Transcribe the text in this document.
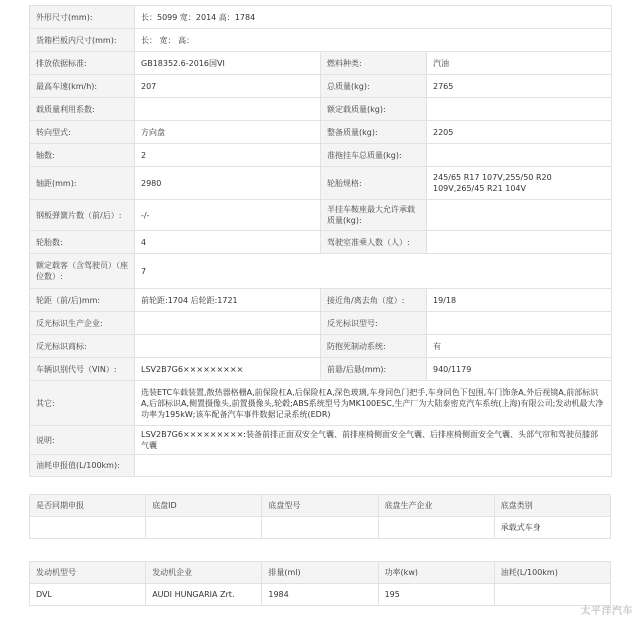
外形尺寸(mm):	长：5099 宽：2014 高：1784		
货箱栏板内尺寸(mm):	长： 宽： 高：		
排放依据标准:	GB18352.6-2016国VI	燃料种类:	汽油
最高车速(km/h):	207	总质量(kg):	2765
载质量利用系数:		额定载质量(kg):	
转向型式:	方向盘	整备质量(kg):	2205
轴数:	2	准拖挂车总质量(kg):	
轴距(mm):	2980	轮胎规格:	245/65 R17 107V,255/50 R20 109V,265/45 R21 104V
钢板弹簧片数（前/后）:	-/-	半挂车鞍座最大允许承载质量(kg):	
轮胎数:	4	驾驶室准乘人数（人）:	
额定载客（含驾驶员）（座位数）:	7		
轮距（前/后)mm:	前轮距:1704 后轮距:1721	接近角/离去角（度）:	19/18
反光标识生产企业:		反光标识型号:	
反光标识商标:		防抱死制动系统:	有
车辆识别代号（VIN）:	LSV2B7G6×××××××××	前悬/后悬(mm):	940/1179
其它:	选装ETC车载装置,散热器格栅A,前保险杠A,后保险杠A,深色玻璃,车身同色门把手,车身同色下包围,车门饰条A,外后视镜A,前部标识A,后部标识A,侧置摄像头,前置摄像头,轮毂;ABS系统型号为MK100ESC,生产厂为大陆泰密克汽车系统(上海)有限公司;发动机最大净功率为195kW;该车配备汽车事件数据记录系统(EDR)		
说明:	LSV2B7G6×××××××××:装备前排正面双安全气囊、前排座椅侧面安全气囊、后排座椅侧面安全气囊、头部气帘和驾驶员膝部气囊		
油耗申报值(L/100km):			
是否同期申报	底盘ID	底盘型号	底盘生产企业	底盘类别
				承载式车身
发动机型号	发动机企业	排量(ml)	功率(kw)	油耗(L/100km)
DVL	AUDI HUNGARIA Zrt.	1984	195	
太平洋汽车
